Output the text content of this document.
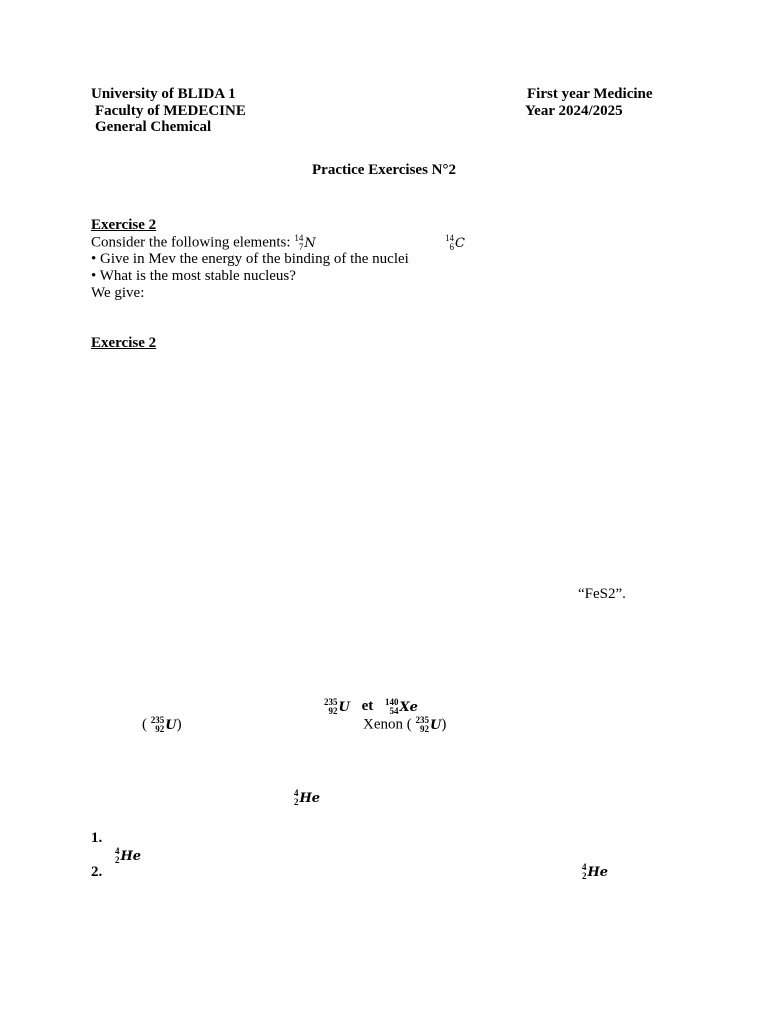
University of BLIDA 1
Faculty of MEDECINE
General Chemical
First year Medicine
Year 2024/2025
Practice Exercises N°2
Exercise 2
Consider the following elements: 14
7 N	14
6 C
• Give in Mev the energy of the binding of the nuclei
• What is the most stable nucleus?
We give:
Exercise 2
“FeS2”.
235
92 U et 140
54 Xe
( 235
92 U )	Xenon ( 235
92 U )
4
2 He
1.
4
2 He
2.	4
2 He
